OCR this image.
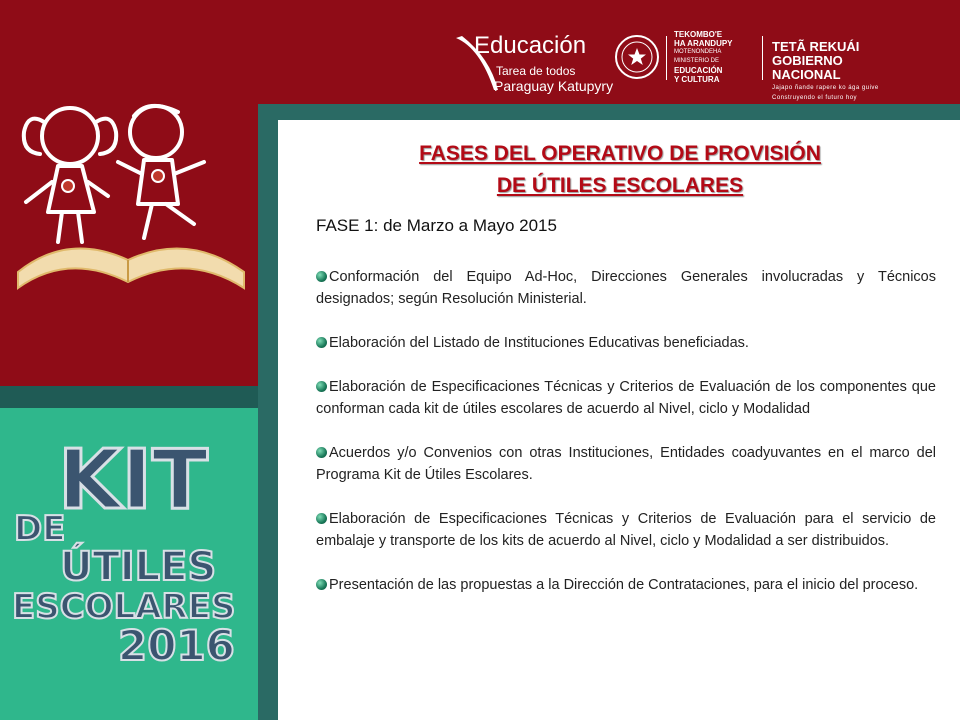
Educación
Tarea de todos
Paraguay Katupyry
TEKOMBO'E
HA ARANDUPY
MOTENONDEHA
MINISTERIO DE
EDUCACIÓN
Y CULTURA
TETÃ REKUÁI
GOBIERNO NACIONAL
Jajapo ñande rapere ko ága guive
Construyendo el futuro hoy
KIT
DE
ÚTILES
ESCOLARES
2016
FASES DEL OPERATIVO DE PROVISIÓN
DE ÚTILES ESCOLARES
FASE 1: de Marzo a Mayo 2015

Conformación del Equipo Ad-Hoc, Direcciones Generales involucradas y Técnicos designados; según Resolución Ministerial.

Elaboración del Listado de Instituciones Educativas beneficiadas.

Elaboración de Especificaciones Técnicas y Criterios de Evaluación de los componentes que conforman cada kit de útiles escolares de acuerdo al Nivel, ciclo y Modalidad

Acuerdos y/o Convenios con otras Instituciones, Entidades coadyuvantes en el marco del Programa Kit de Útiles Escolares.

Elaboración de Especificaciones Técnicas y Criterios de Evaluación para el servicio de embalaje y transporte de los kits de acuerdo al Nivel, ciclo y Modalidad a ser distribuidos.

Presentación de las propuestas a la Dirección de Contrataciones, para el inicio del proceso.
